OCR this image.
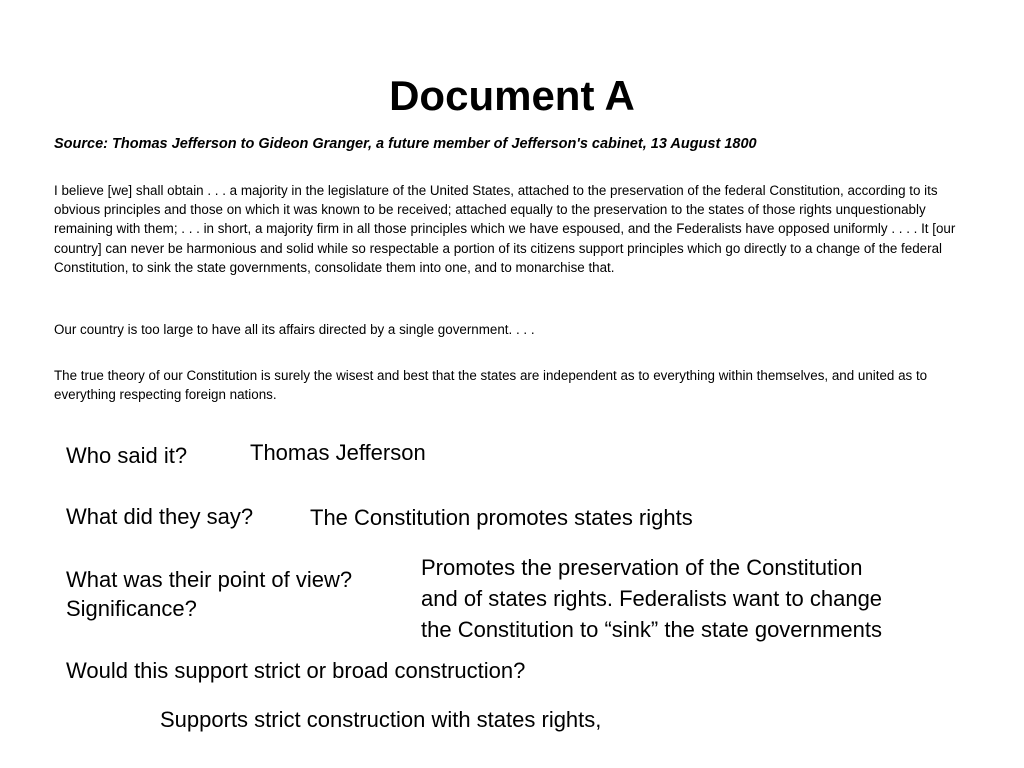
Document A
Source: Thomas Jefferson to Gideon Granger, a future member of Jefferson's cabinet, 13 August 1800
I believe [we] shall obtain . . . a majority in the legislature of the United States, attached to the preservation of the federal Constitution, according to its obvious principles and those on which it was known to be received; attached equally to the preservation to the states of those rights unquestionably remaining with them; . . . in short, a majority firm in all those principles which we have espoused, and the Federalists have opposed uniformly . . . . It [our country] can never be harmonious and solid while so respectable a portion of its citizens support principles which go directly to a change of the federal Constitution, to sink the state governments, consolidate them into one, and to monarchise that.
Our country is too large to have all its affairs directed by a single government. . . .
The true theory of our Constitution is surely the wisest and best that the states are independent as to everything within themselves, and united as to everything respecting foreign nations.
Who said it?	Thomas Jefferson
What did they say?	The Constitution promotes states rights
What was their point of view?
Significance?
Promotes the preservation of the Constitution
and of states rights. Federalists want to change
the Constitution to “sink” the state governments
Would this support strict or broad construction?
Supports strict construction with states rights,
